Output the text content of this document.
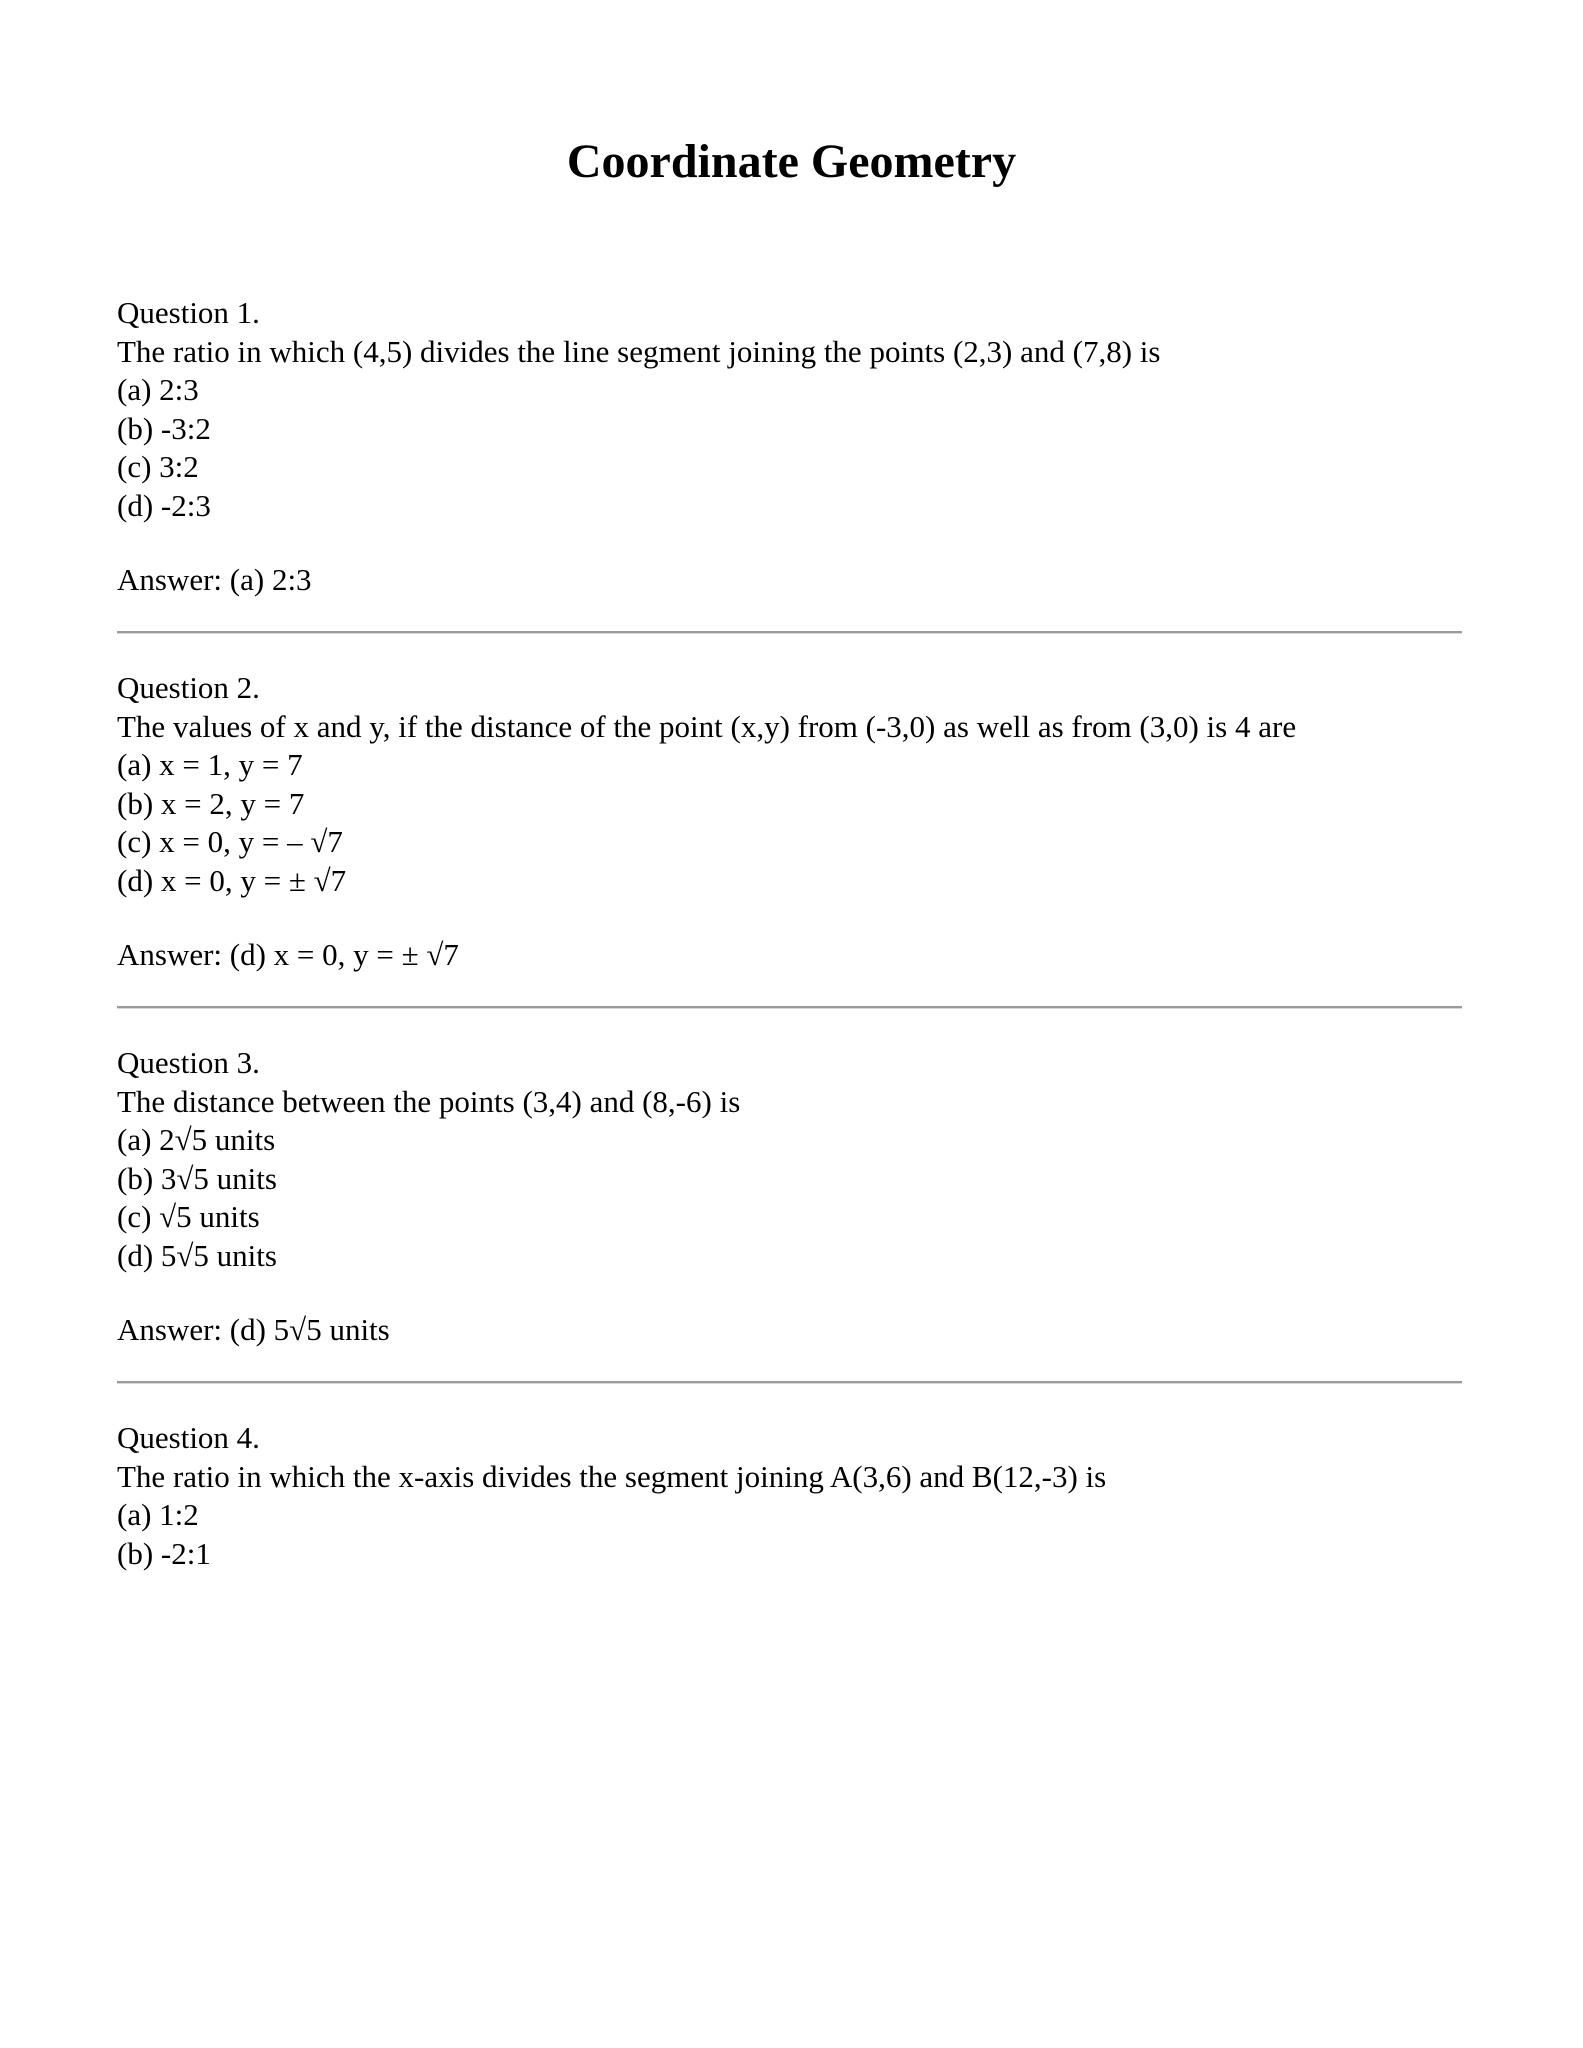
Coordinate Geometry
Question 1.
The ratio in which (4,5) divides the line segment joining the points (2,3) and (7,8) is
(a) 2:3
(b) -3:2
(c) 3:2
(d) -2:3
Answer: (a) 2:3
Question 2.
The values of x and y, if the distance of the point (x,y) from (-3,0) as well as from (3,0) is 4 are
(a) x = 1, y = 7
(b) x = 2, y = 7
(c) x = 0, y = – √7
(d) x = 0, y = ± √7
Answer: (d) x = 0, y = ± √7
Question 3.
The distance between the points (3,4) and (8,-6) is
(a) 2√5 units
(b) 3√5 units
(c) √5 units
(d) 5√5 units
Answer: (d) 5√5 units
Question 4.
The ratio in which the x-axis divides the segment joining A(3,6) and B(12,-3) is
(a) 1:2
(b) -2:1
